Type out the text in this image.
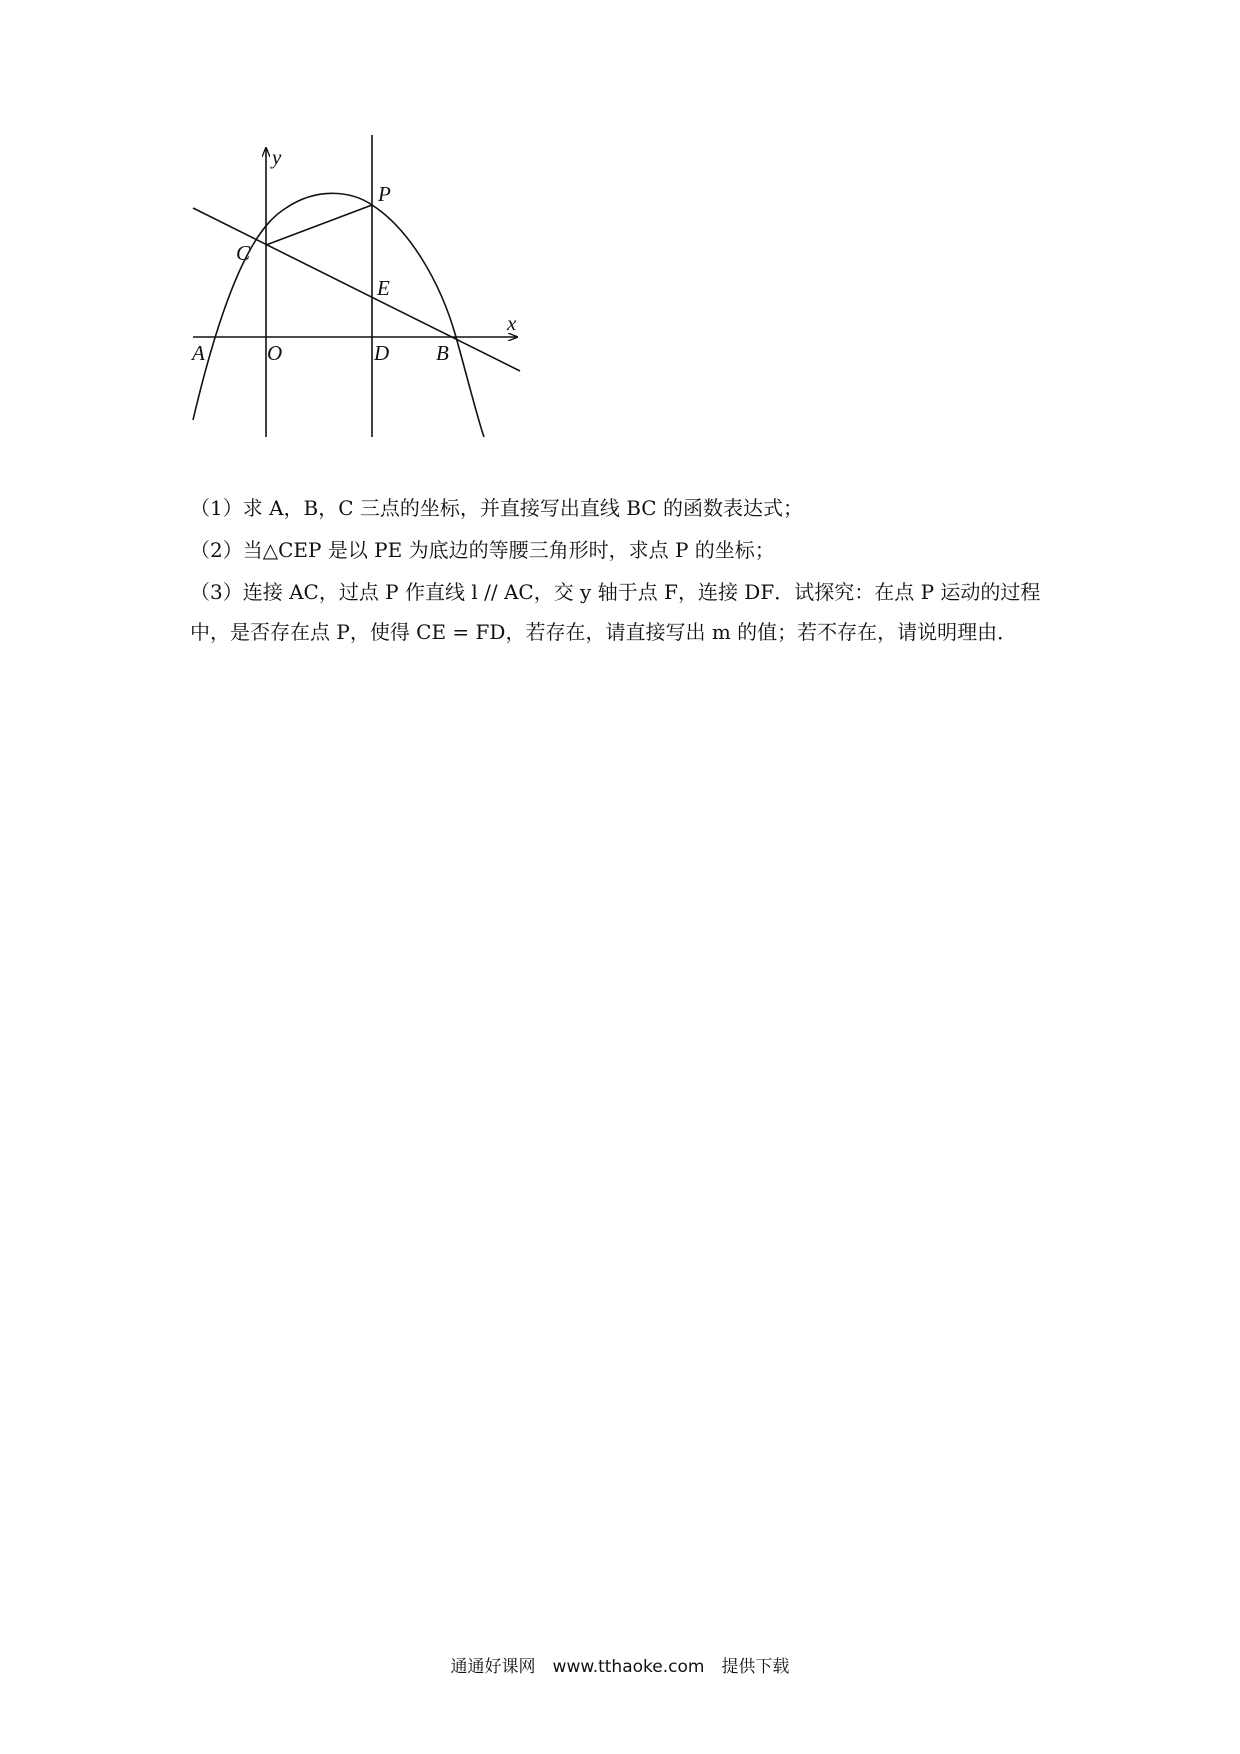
y
x
P
C
E
A	O	D B

（1）求 A，B，C 三点的坐标，并直接写出直线 BC 的函数表达式；

（2）当△CEP 是以 PE 为底边的等腰三角形时，求点 P 的坐标；

（3）连接 AC，过点 P 作直线 l // AC，交 y 轴于点 F，连接 DF．试探究：在点 P 运动的过程中，是否存在点 P，使得 CE = FD，若存在，请直接写出 m 的值；若不存在，请说明理由．

通通好课网　www.tthaoke.com　提供下载
